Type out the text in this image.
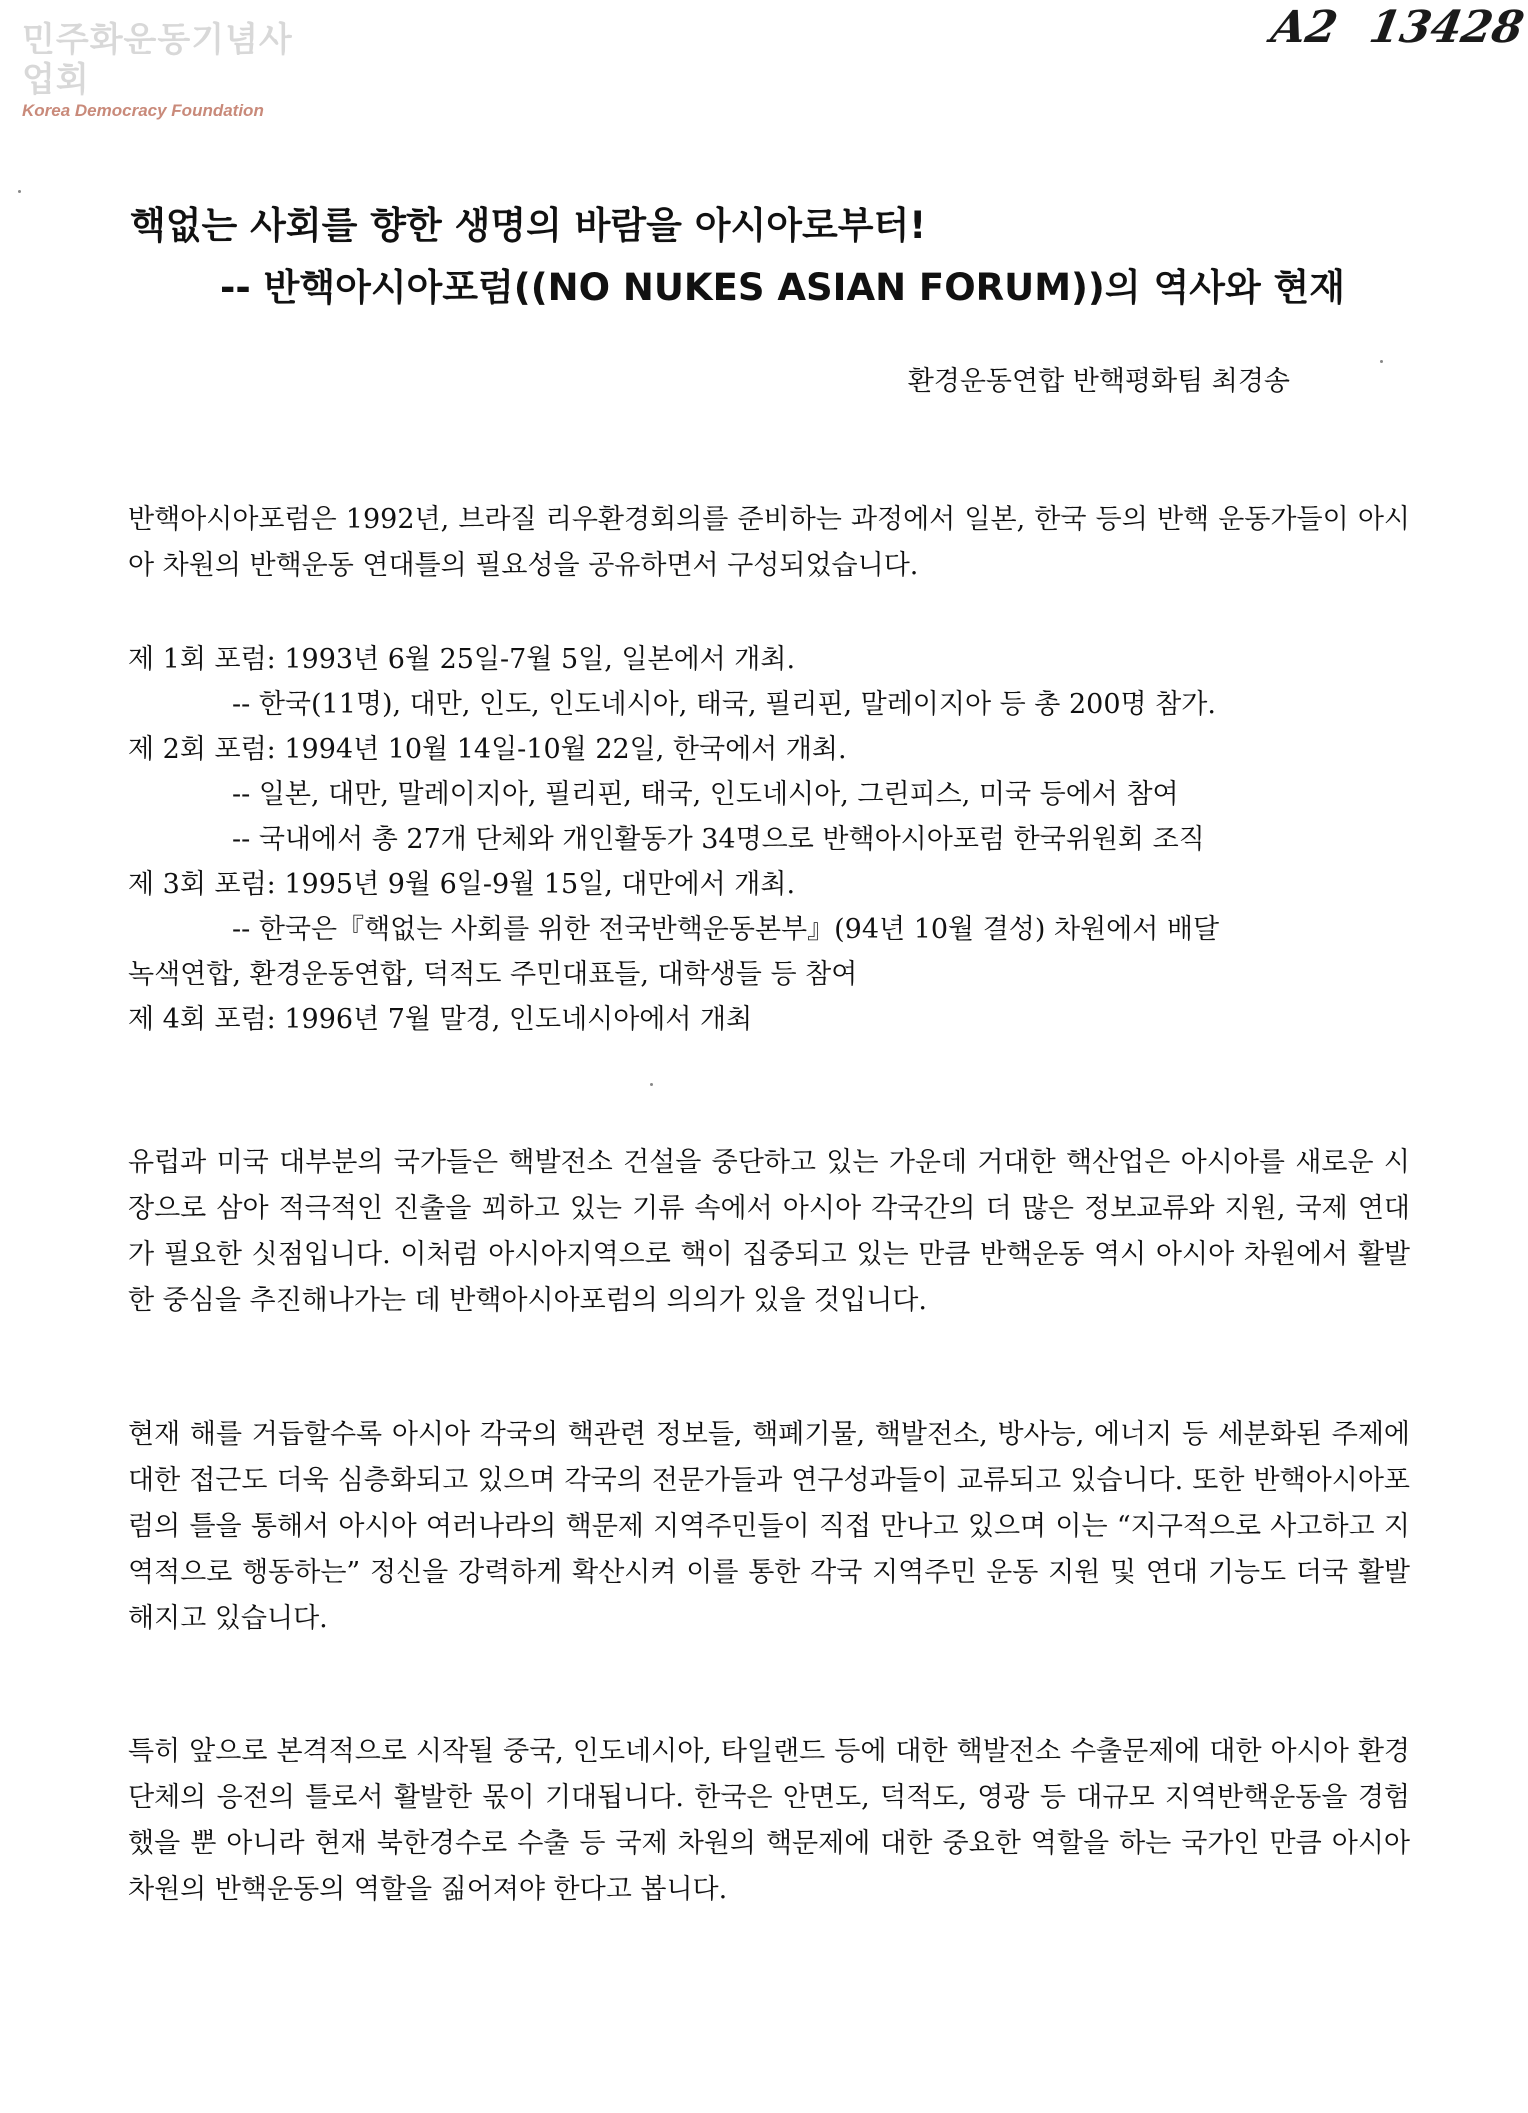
민주화운동기념사업회
Korea Democracy Foundation
A2 13428
핵없는 사회를 향한 생명의 바람을 아시아로부터!
-- 반핵아시아포럼((NO NUKES ASIAN FORUM))의 역사와 현재
환경운동연합 반핵평화팀 최경송

반핵아시아포럼은 1992년, 브라질 리우환경회의를 준비하는 과정에서 일본, 한국 등의 반핵 운동가들이 아시아 차원의 반핵운동 연대틀의 필요성을 공유하면서 구성되었습니다.

제 1회 포럼: 1993년 6월 25일-7월 5일, 일본에서 개최.
-- 한국(11명), 대만, 인도, 인도네시아, 태국, 필리핀, 말레이지아 등 총 200명 참가.
제 2회 포럼: 1994년 10월 14일-10월 22일, 한국에서 개최.
-- 일본, 대만, 말레이지아, 필리핀, 태국, 인도네시아, 그린피스, 미국 등에서 참여
-- 국내에서 총 27개 단체와 개인활동가 34명으로 반핵아시아포럼 한국위원회 조직
제 3회 포럼: 1995년 9월 6일-9월 15일, 대만에서 개최.
-- 한국은『핵없는 사회를 위한 전국반핵운동본부』(94년 10월 결성) 차원에서 배달
녹색연합, 환경운동연합, 덕적도 주민대표들, 대학생들 등 참여
제 4회 포럼: 1996년 7월 말경, 인도네시아에서 개최

유럽과 미국 대부분의 국가들은 핵발전소 건설을 중단하고 있는 가운데 거대한 핵산업은 아시아를 새로운 시장으로 삼아 적극적인 진출을 꾀하고 있는 기류 속에서 아시아 각국간의 더 많은 정보교류와 지원, 국제 연대가 필요한 싯점입니다. 이처럼 아시아지역으로 핵이 집중되고 있는 만큼 반핵운동 역시 아시아 차원에서 활발한 중심을 추진해나가는 데 반핵아시아포럼의 의의가 있을 것입니다.

현재 해를 거듭할수록 아시아 각국의 핵관련 정보들, 핵폐기물, 핵발전소, 방사능, 에너지 등 세분화된 주제에 대한 접근도 더욱 심층화되고 있으며 각국의 전문가들과 연구성과들이 교류되고 있습니다. 또한 반핵아시아포럼의 틀을 통해서 아시아 여러나라의 핵문제 지역주민들이 직접 만나고 있으며 이는 “지구적으로 사고하고 지역적으로 행동하는” 정신을 강력하게 확산시켜 이를 통한 각국 지역주민 운동 지원 및 연대 기능도 더국 활발해지고 있습니다.

특히 앞으로 본격적으로 시작될 중국, 인도네시아, 타일랜드 등에 대한 핵발전소 수출문제에 대한 아시아 환경단체의 응전의 틀로서 활발한 몫이 기대됩니다. 한국은 안면도, 덕적도, 영광 등 대규모 지역반핵운동을 경험했을 뿐 아니라 현재 북한경수로 수출 등 국제 차원의 핵문제에 대한 중요한 역할을 하는 국가인 만큼 아시아 차원의 반핵운동의 역할을 짊어져야 한다고 봅니다.
